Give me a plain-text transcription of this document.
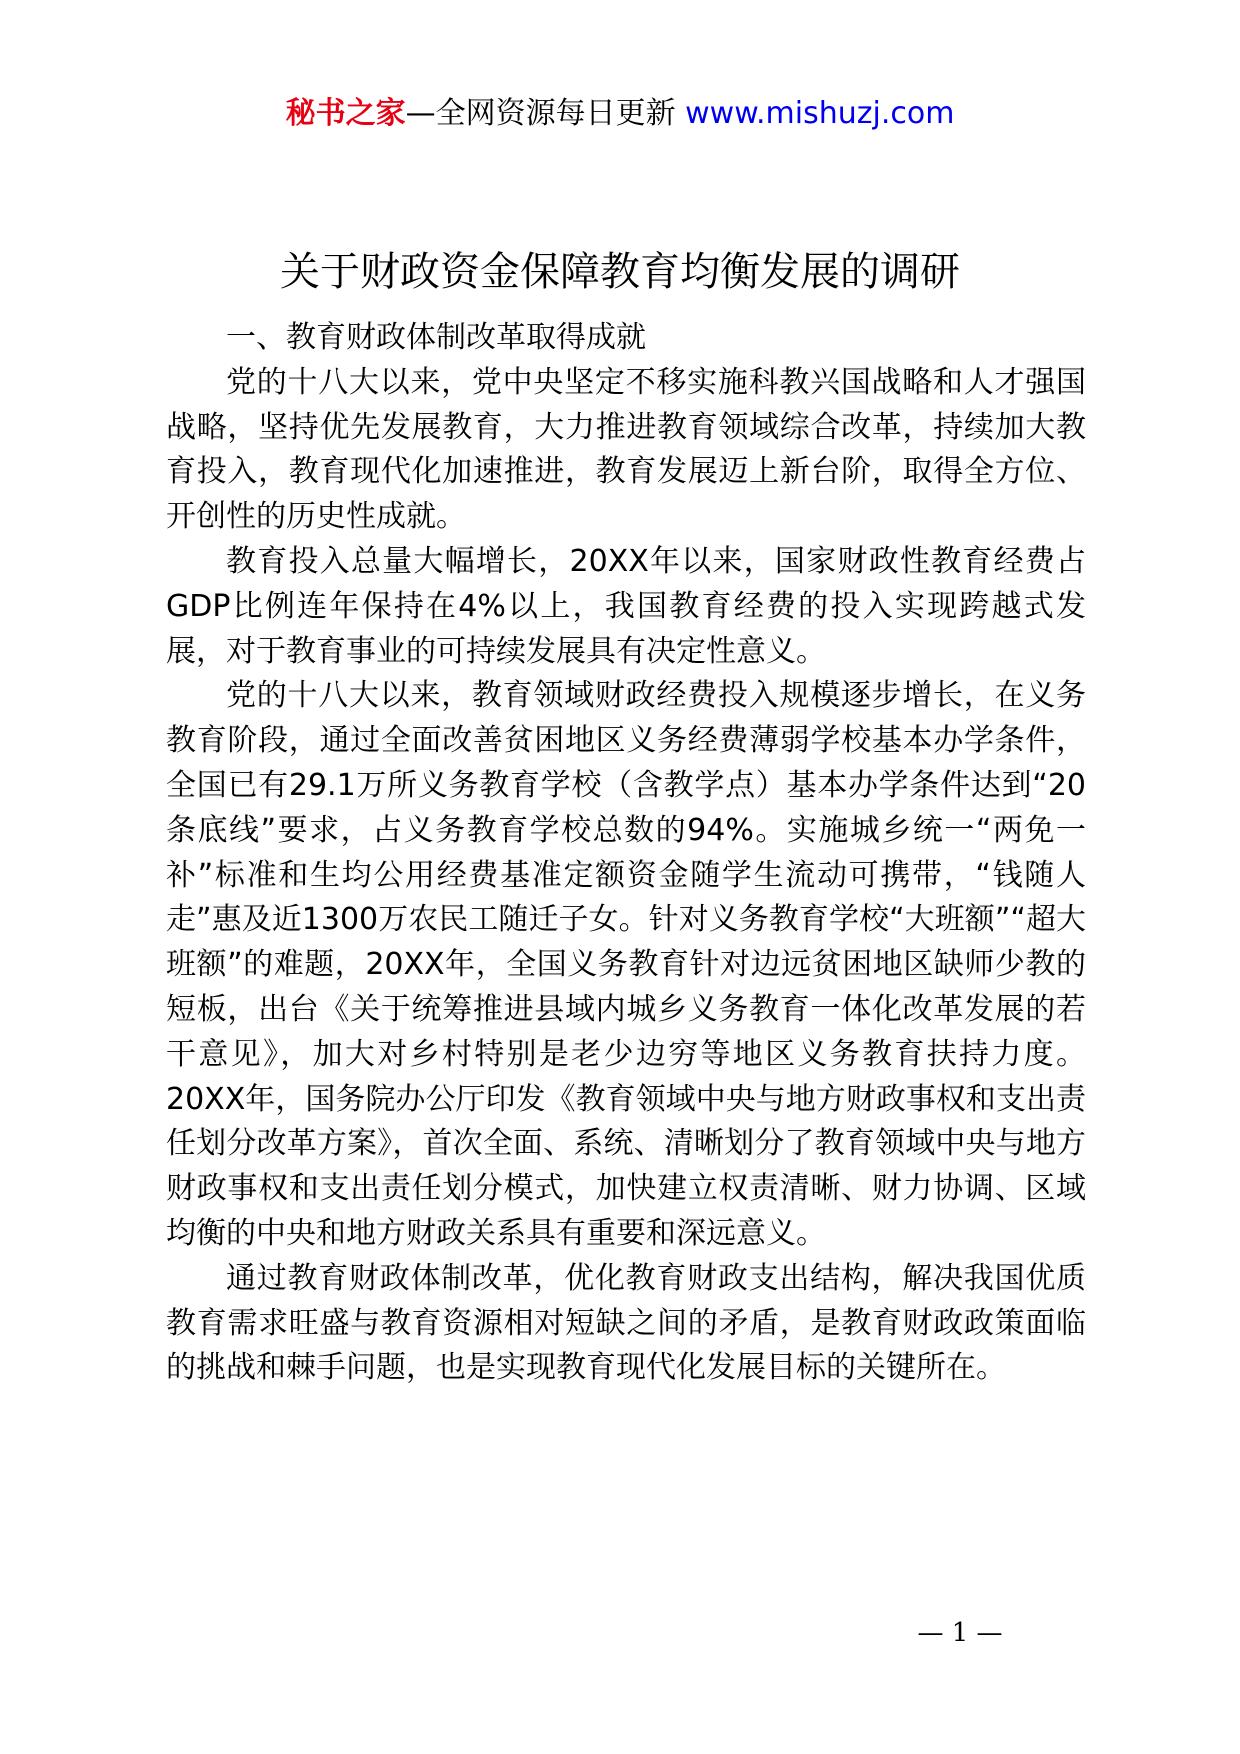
秘书之家—全网资源每日更新 www.mishuzj.com
关于财政资金保障教育均衡发展的调研

一、教育财政体制改革取得成就

党的十八大以来，党中央坚定不移实施科教兴国战略和人才强国战略，坚持优先发展教育，大力推进教育领域综合改革，持续加大教育投入，教育现代化加速推进，教育发展迈上新台阶，取得全方位、开创性的历史性成就。

教育投入总量大幅增长，20XX年以来，国家财政性教育经费占GDP比例连年保持在4%以上，我国教育经费的投入实现跨越式发展，对于教育事业的可持续发展具有决定性意义。

党的十八大以来，教育领域财政经费投入规模逐步增长，在义务教育阶段，通过全面改善贫困地区义务经费薄弱学校基本办学条件，全国已有29.1万所义务教育学校（含教学点）基本办学条件达到“20条底线”要求，占义务教育学校总数的94%。实施城乡统一“两免一补”标准和生均公用经费基准定额资金随学生流动可携带，“钱随人走”惠及近1300万农民工随迁子女。针对义务教育学校“大班额”“超大班额”的难题，20XX年，全国义务教育针对边远贫困地区缺师少教的短板，出台《关于统筹推进县域内城乡义务教育一体化改革发展的若干意见》，加大对乡村特别是老少边穷等地区义务教育扶持力度。20XX年，国务院办公厅印发《教育领域中央与地方财政事权和支出责任划分改革方案》，首次全面、系统、清晰划分了教育领域中央与地方财政事权和支出责任划分模式，加快建立权责清晰、财力协调、区域均衡的中央和地方财政关系具有重要和深远意义。

通过教育财政体制改革，优化教育财政支出结构，解决我国优质教育需求旺盛与教育资源相对短缺之间的矛盾，是教育财政政策面临的挑战和棘手问题，也是实现教育现代化发展目标的关键所在。

— 1 —
